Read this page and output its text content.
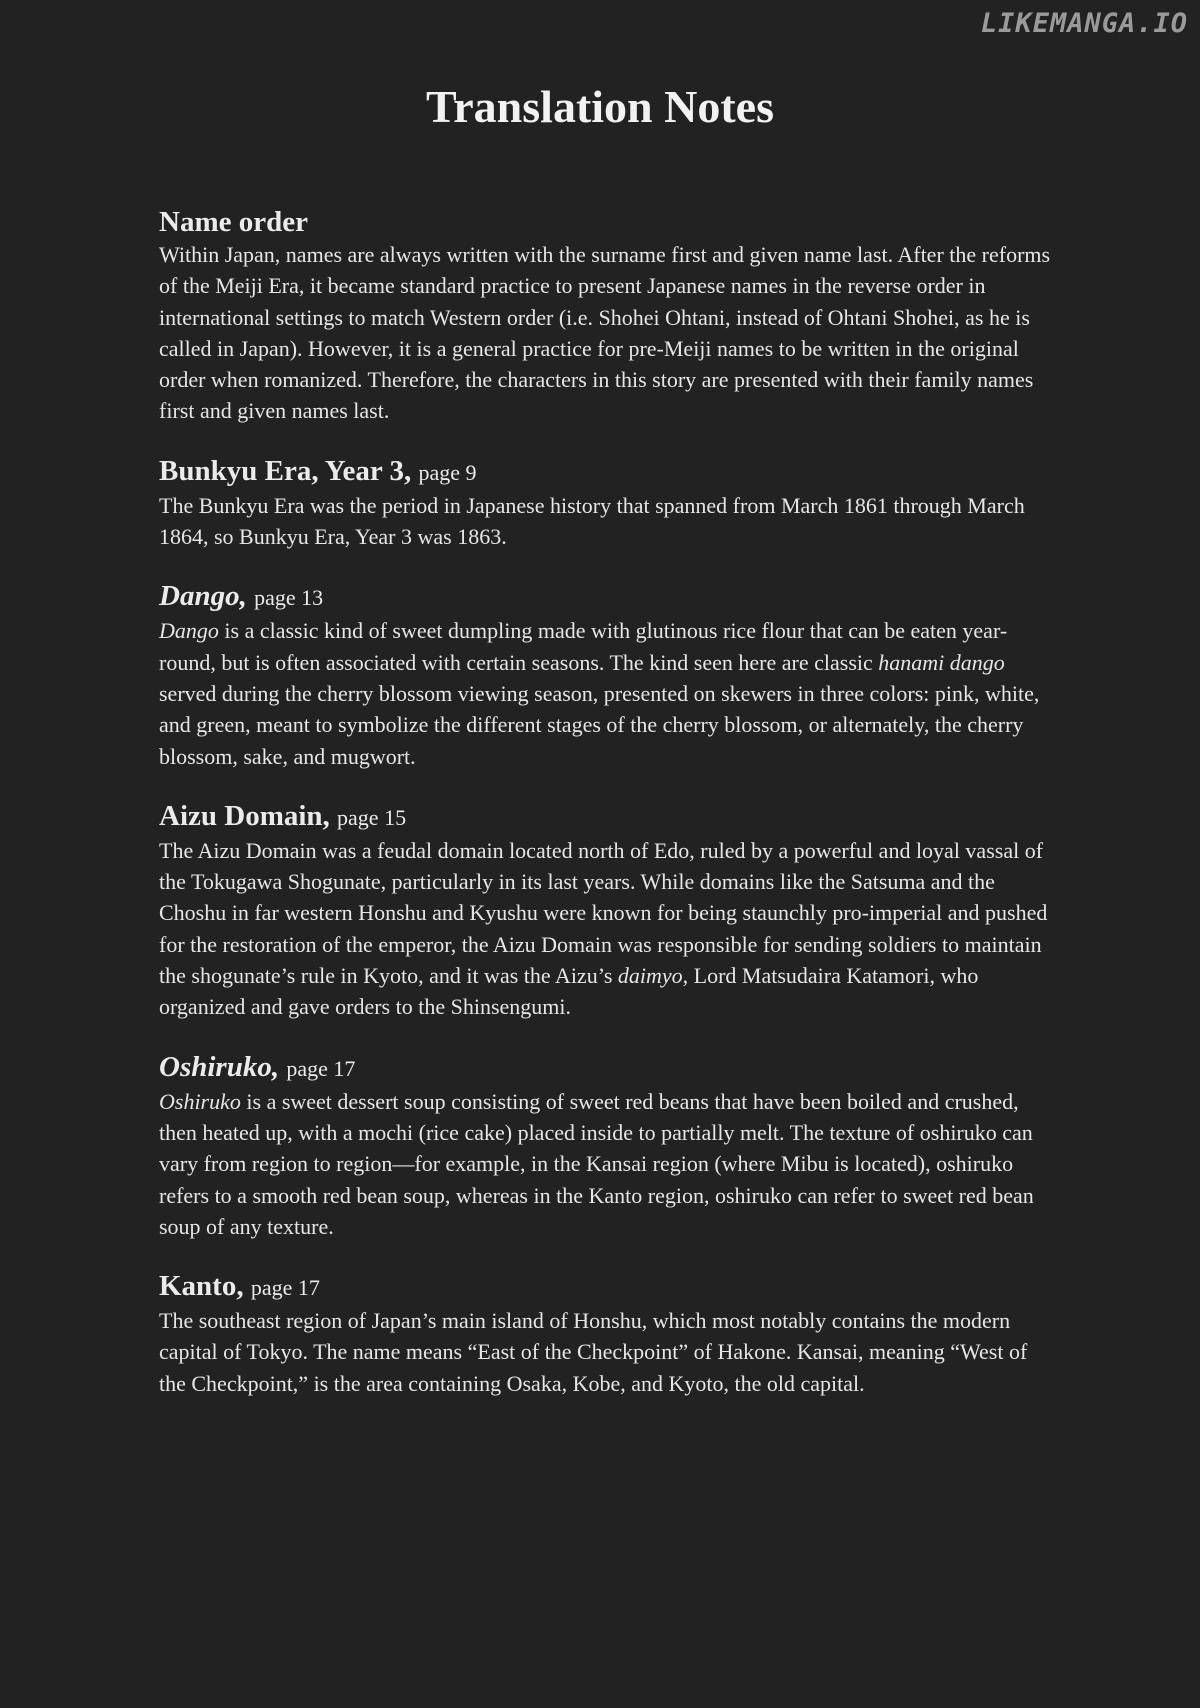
LIKEMANGA.IO
Translation Notes

Name order

Within Japan, names are always written with the surname first and given name last. After the reforms of the Meiji Era, it became standard practice to present Japanese names in the reverse order in international settings to match Western order (i.e. Shohei Ohtani, instead of Ohtani Shohei, as he is called in Japan). However, it is a general practice for pre-Meiji names to be written in the original order when romanized. Therefore, the characters in this story are presented with their family names first and given names last.

Bunkyu Era, Year 3, page 9

The Bunkyu Era was the period in Japanese history that spanned from March 1861 through March 1864, so Bunkyu Era, Year 3 was 1863.

Dango, page 13

Dango is a classic kind of sweet dumpling made with glutinous rice flour that can be eaten year-round, but is often associated with certain seasons. The kind seen here are classic hanami dango served during the cherry blossom viewing season, presented on skewers in three colors: pink, white, and green, meant to symbolize the different stages of the cherry blossom, or alternately, the cherry blossom, sake, and mugwort.

Aizu Domain, page 15

The Aizu Domain was a feudal domain located north of Edo, ruled by a powerful and loyal vassal of the Tokugawa Shogunate, particularly in its last years. While domains like the Satsuma and the Choshu in far western Honshu and Kyushu were known for being staunchly pro-imperial and pushed for the restoration of the emperor, the Aizu Domain was responsible for sending soldiers to maintain the shogunate’s rule in Kyoto, and it was the Aizu’s daimyo, Lord Matsudaira Katamori, who organized and gave orders to the Shinsengumi.

Oshiruko, page 17

Oshiruko is a sweet dessert soup consisting of sweet red beans that have been boiled and crushed, then heated up, with a mochi (rice cake) placed inside to partially melt. The texture of oshiruko can vary from region to region—for example, in the Kansai region (where Mibu is located), oshiruko refers to a smooth red bean soup, whereas in the Kanto region, oshiruko can refer to sweet red bean soup of any texture.

Kanto, page 17

The southeast region of Japan’s main island of Honshu, which most notably contains the modern capital of Tokyo. The name means “East of the Checkpoint” of Hakone. Kansai, meaning “West of the Checkpoint,” is the area containing Osaka, Kobe, and Kyoto, the old capital.
